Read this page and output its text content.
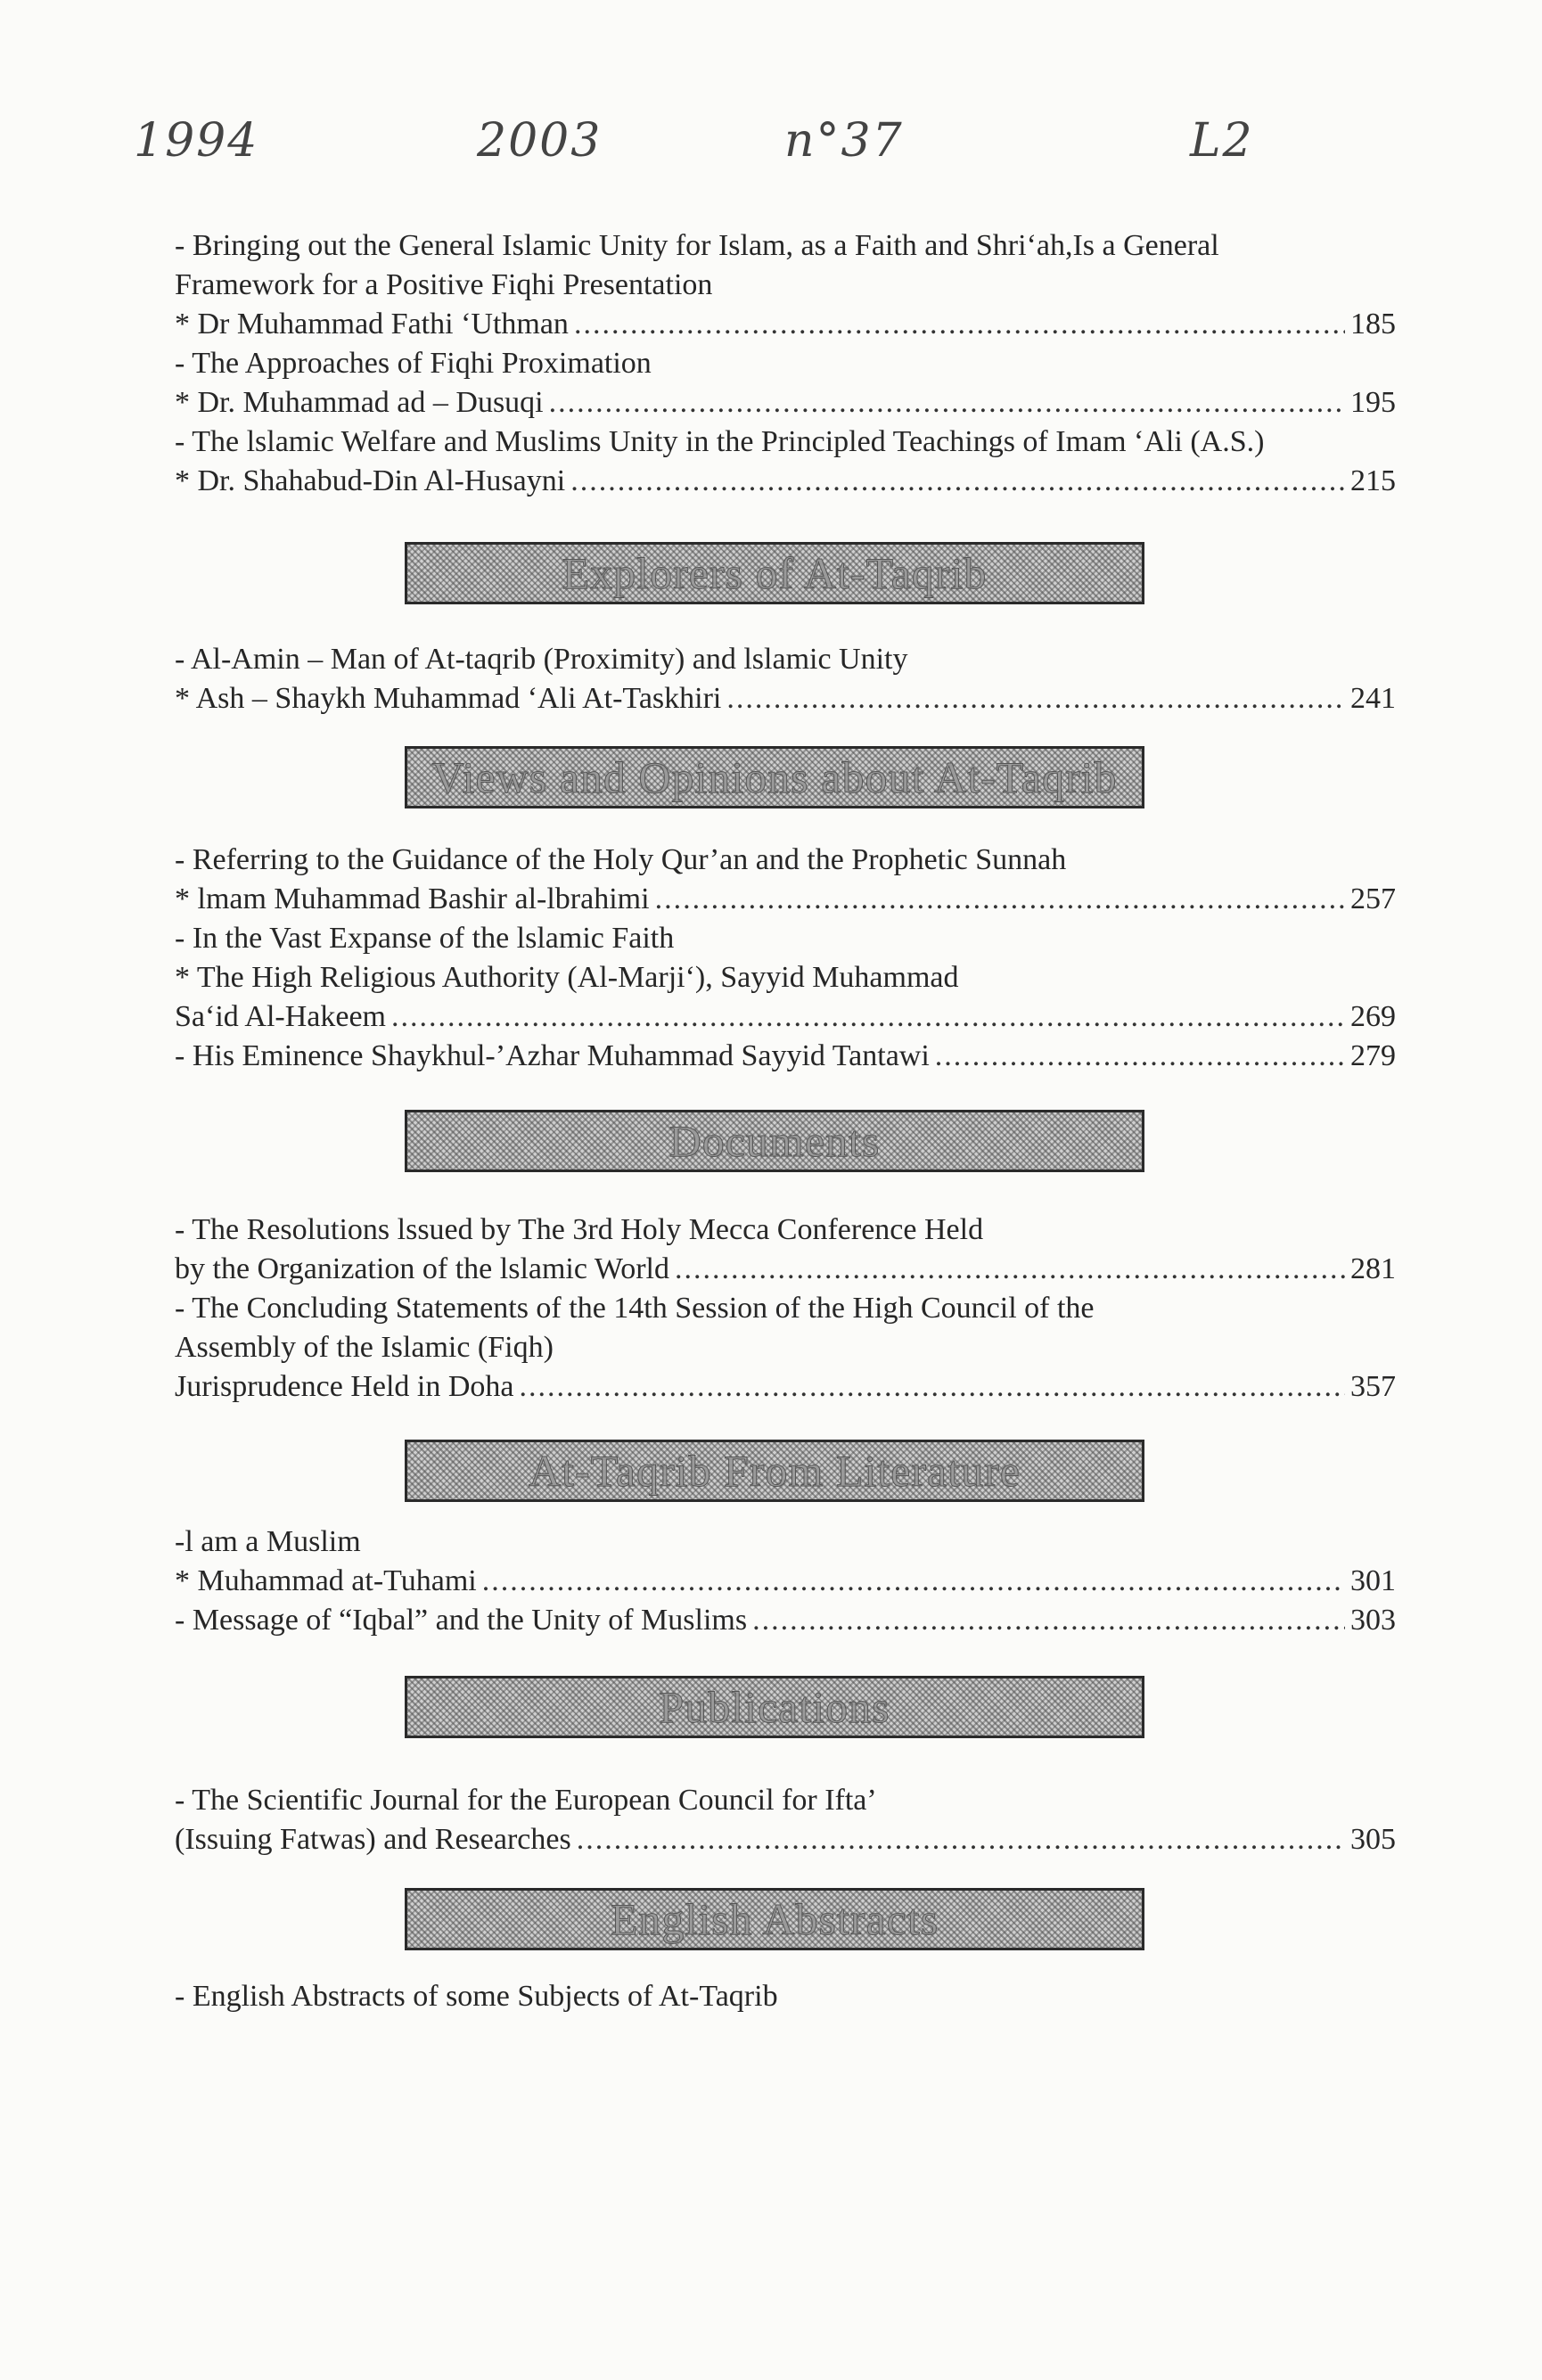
1994	2003	n°37	L2
- Bringing out the General Islamic Unity for Islam, as a Faith and Shri‘ah,Is a General
Framework for a Positive Fiqhi Presentation
* Dr Muhammad Fathi ‘Uthman .....	185
- The Approaches of Fiqhi Proximation
* Dr. Muhammad ad – Dusuqi .....	195
- The lslamic Welfare and Muslims Unity in the Principled Teachings of Imam ‘Ali (A.S.)
* Dr. Shahabud-Din Al-Husayni .....	215
Explorers of At-Taqrib
- Al-Amin – Man of At-taqrib (Proximity) and lslamic Unity
* Ash – Shaykh Muhammad ‘Ali At-Taskhiri .....	241
Views and Opinions about At-Taqrib
- Referring to the Guidance of the Holy Qur’an and the Prophetic Sunnah
* lmam Muhammad Bashir al-lbrahimi .....	257
- In the Vast Expanse of the lslamic Faith
* The High Religious Authority (Al-Marji‘), Sayyid Muhammad
Sa‘id Al-Hakeem .....	269
- His Eminence Shaykhul-’Azhar Muhammad Sayyid Tantawi .....	279
Documents
- The Resolutions lssued by The 3rd Holy Mecca Conference Held
by the Organization of the lslamic World .....	281
- The Concluding Statements of the 14th Session of the High Council of the
Assembly of the Islamic (Fiqh)
Jurisprudence Held in Doha .....	357
At-Taqrib From Literature
-l am a Muslim
* Muhammad at-Tuhami .....	301
- Message of “Iqbal” and the Unity of Muslims .....	303
Publications
- The Scientific Journal for the European Council for Ifta’
(Issuing Fatwas) and Researches .....	305
English Abstracts
- English Abstracts of some Subjects of At-Taqrib
